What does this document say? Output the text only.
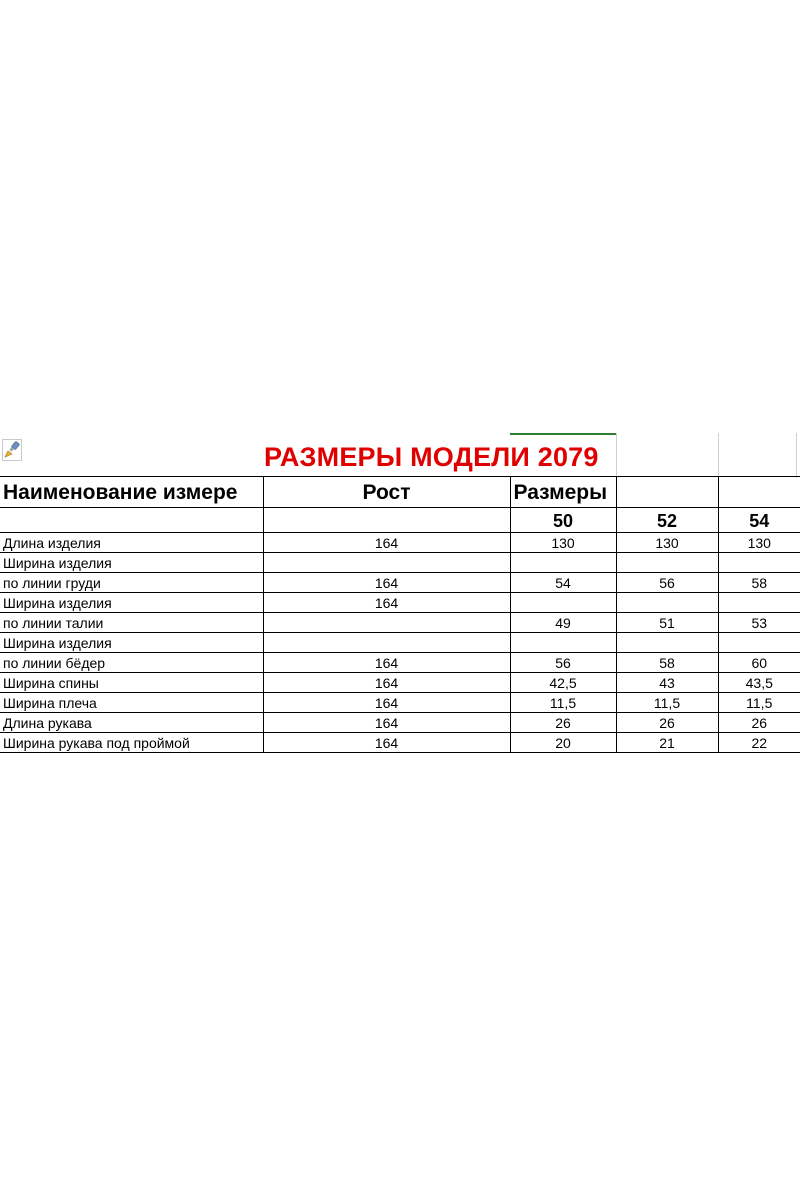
РАЗМЕРЫ МОДЕЛИ 2079
Наименование измере	Рост	Размеры		
		50	52	54
Длина изделия	164	130	130	130
Ширина изделия				
по линии груди	164	54	56	58
Ширина изделия	164			
по линии талии		49	51	53
Ширина изделия				
по линии бёдер	164	56	58	60
Ширина спины	164	42,5	43	43,5
Ширина плеча	164	11,5	11,5	11,5
Длина рукава	164	26	26	26
Ширина рукава под проймой	164	20	21	22
